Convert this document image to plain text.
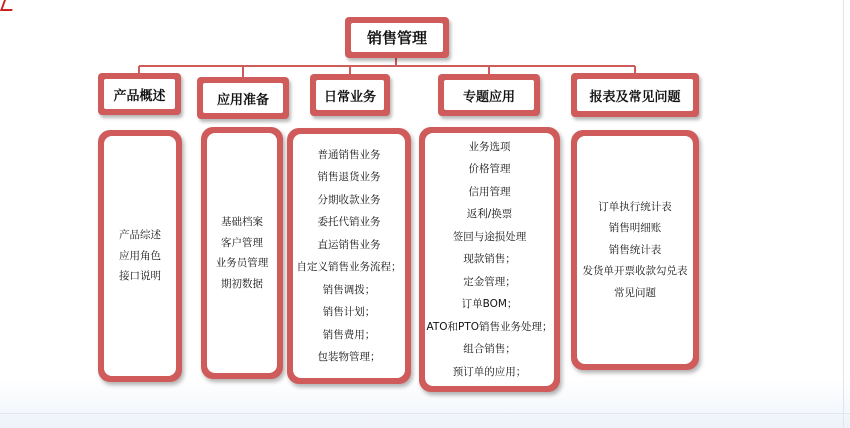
销售管理
产品概述	应用准备	日常业务	专题应用	报表及常见问题
产品综述
应用角色
接口说明
基础档案
客户管理
业务员管理
期初数据
普通销售业务
销售退货业务
分期收款业务
委托代销业务
直运销售业务
自定义销售业务流程；
销售调拨；
销售计划；
销售费用；
包装物管理；
业务选项
价格管理
信用管理
返利/换票
签回与途损处理
现款销售；
定金管理；
订单BOM；
ATO和PTO销售业务处理；
组合销售；
预订单的应用；
订单执行统计表
销售明细账
销售统计表
发货单开票收款勾兑表
常见问题
